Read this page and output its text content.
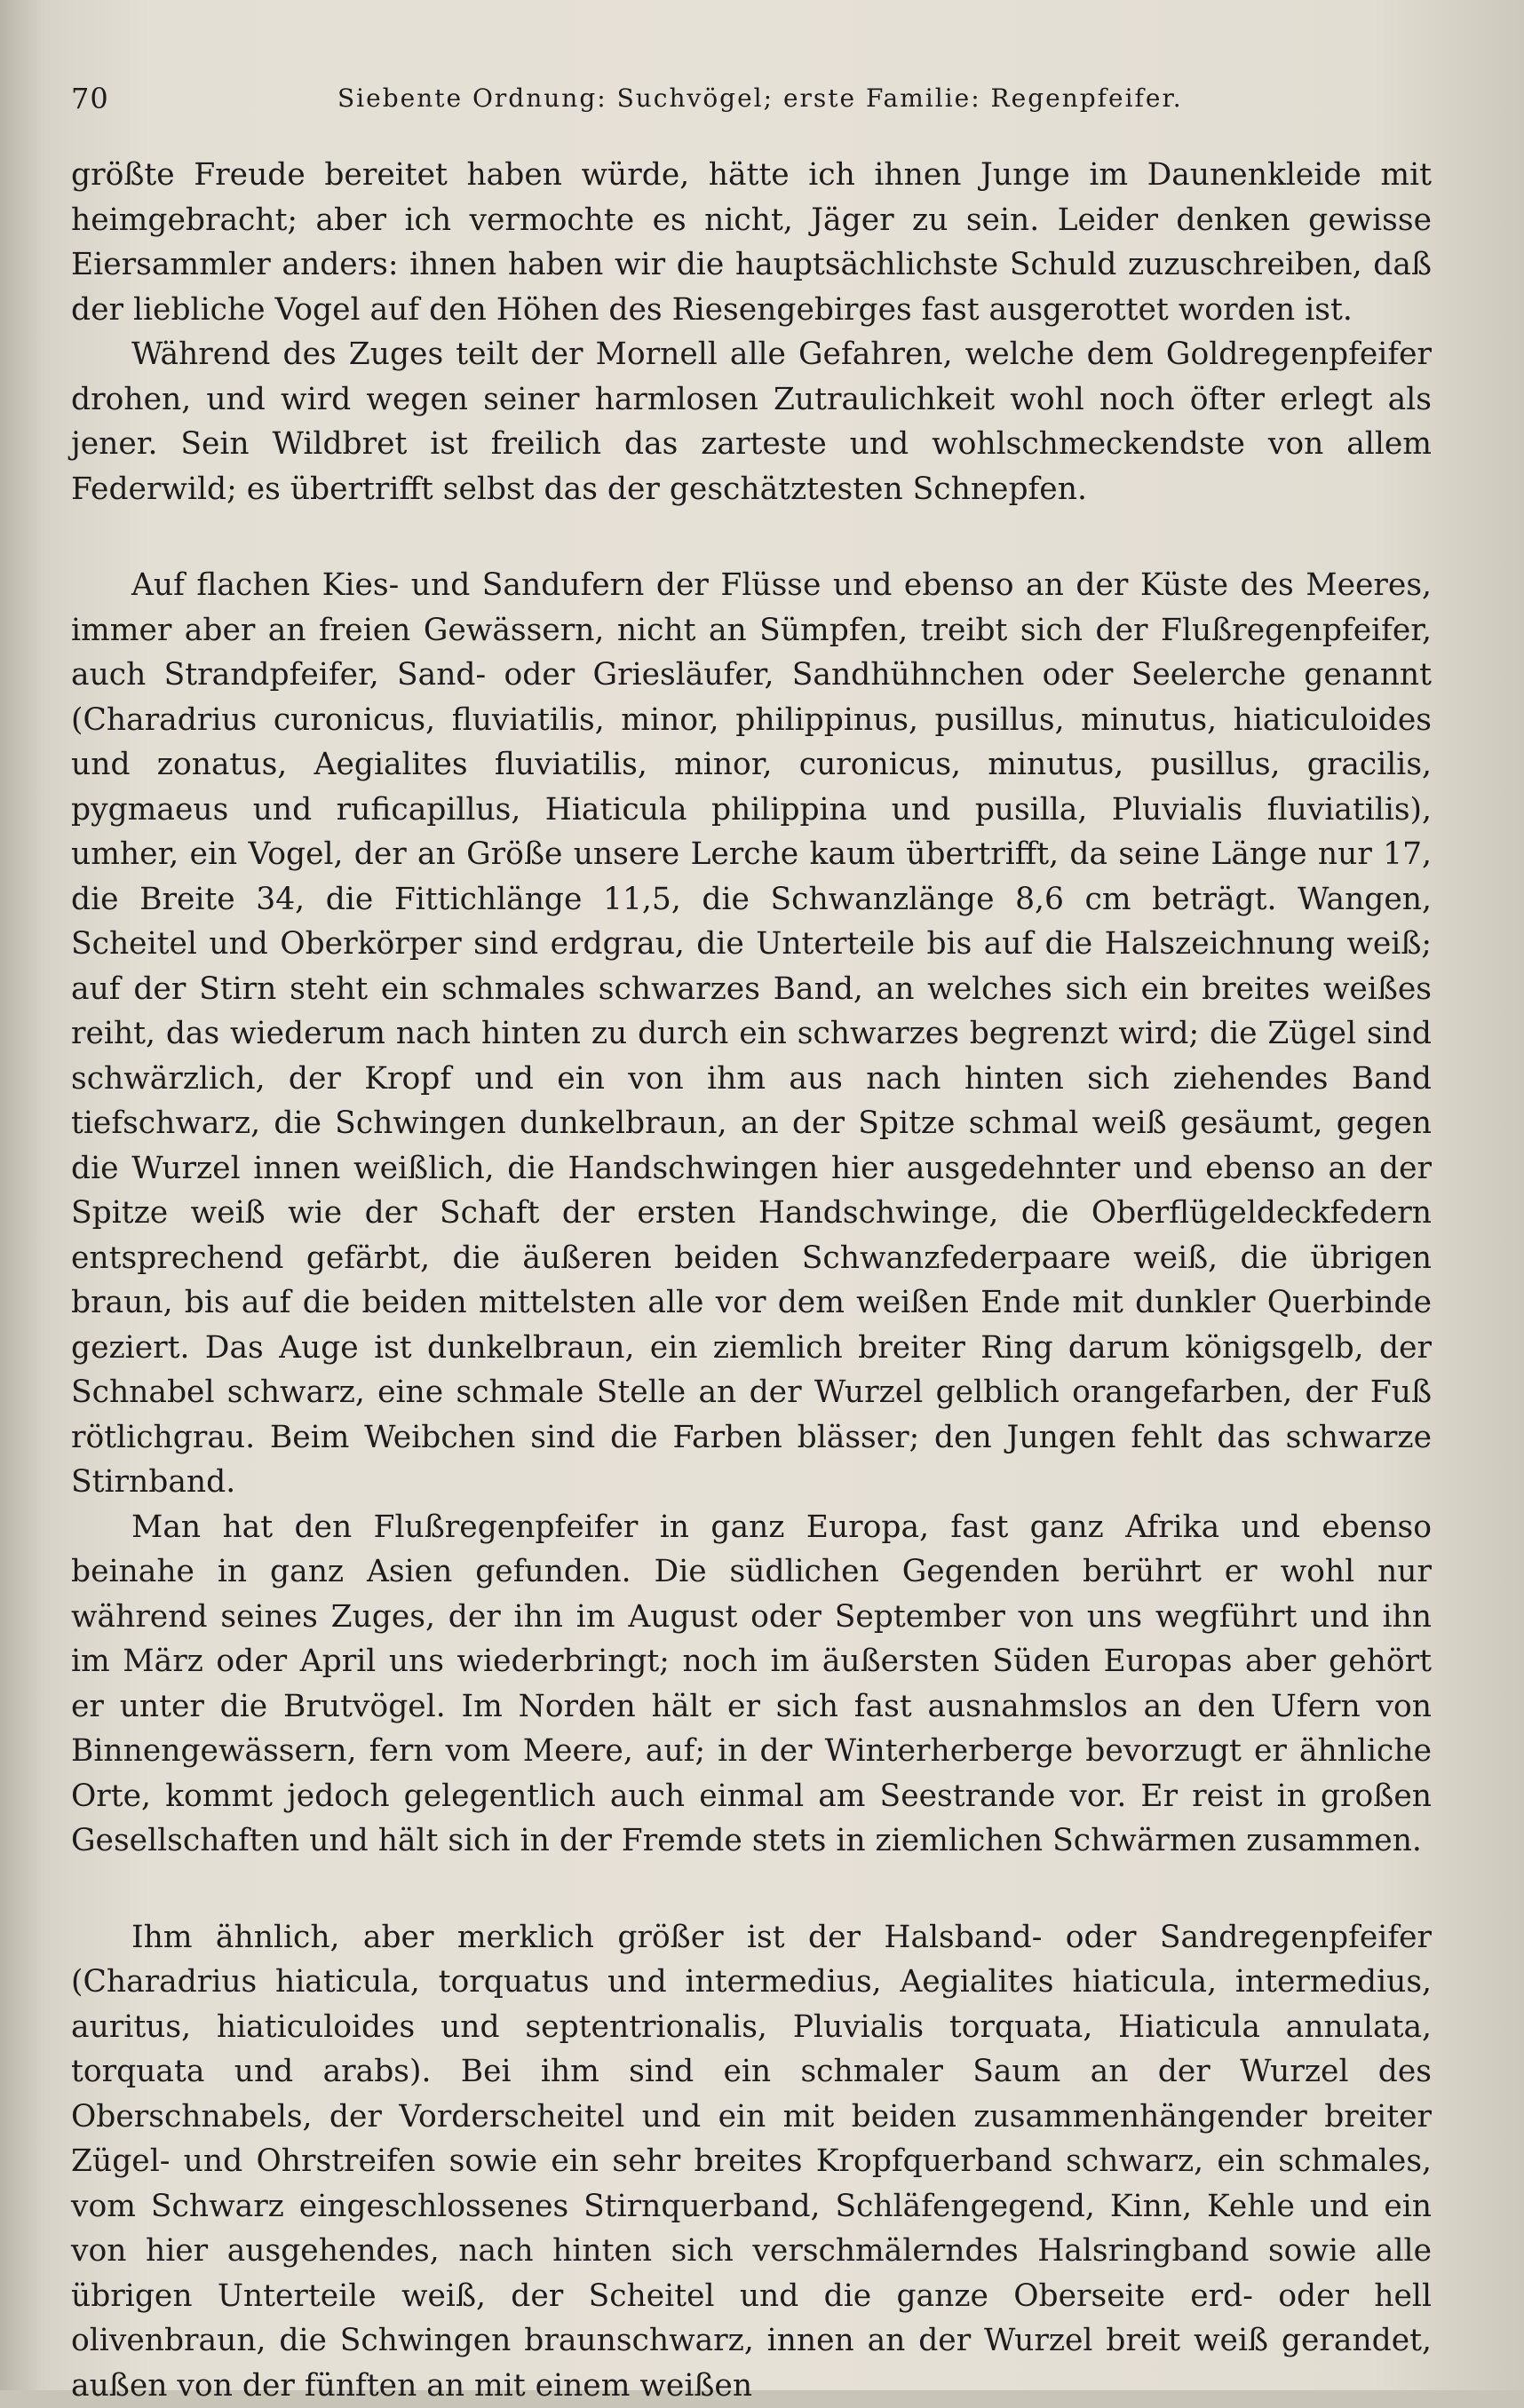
70	Siebente Ordnung: Suchvögel; erste Familie: Regenpfeifer.

größte Freude bereitet haben würde, hätte ich ihnen Junge im Daunenkleide mit heimgebracht; aber ich vermochte es nicht, Jäger zu sein. Leider denken gewisse Eiersammler anders: ihnen haben wir die hauptsächlichste Schuld zuzuschreiben, daß der liebliche Vogel auf den Höhen des Riesengebirges fast ausgerottet worden ist.

Während des Zuges teilt der Mornell alle Gefahren, welche dem Goldregenpfeifer drohen, und wird wegen seiner harmlosen Zutraulichkeit wohl noch öfter erlegt als jener. Sein Wildbret ist freilich das zarteste und wohlschmeckendste von allem Federwild; es übertrifft selbst das der geschätztesten Schnepfen.

Auf flachen Kies- und Sandufern der Flüsse und ebenso an der Küste des Meeres, immer aber an freien Gewässern, nicht an Sümpfen, treibt sich der Flußregenpfeifer, auch Strandpfeifer, Sand- oder Griesläufer, Sandhühnchen oder Seelerche genannt (Charadrius curonicus, fluviatilis, minor, philippinus, pusillus, minutus, hiaticuloides und zonatus, Aegialites fluviatilis, minor, curonicus, minutus, pusillus, gracilis, pygmaeus und ruficapillus, Hiaticula philippina und pusilla, Pluvialis fluviatilis), umher, ein Vogel, der an Größe unsere Lerche kaum übertrifft, da seine Länge nur 17, die Breite 34, die Fittichlänge 11,5, die Schwanzlänge 8,6 cm beträgt. Wangen, Scheitel und Oberkörper sind erdgrau, die Unterteile bis auf die Halszeichnung weiß; auf der Stirn steht ein schmales schwarzes Band, an welches sich ein breites weißes reiht, das wiederum nach hinten zu durch ein schwarzes begrenzt wird; die Zügel sind schwärzlich, der Kropf und ein von ihm aus nach hinten sich ziehendes Band tiefschwarz, die Schwingen dunkelbraun, an der Spitze schmal weiß gesäumt, gegen die Wurzel innen weißlich, die Handschwingen hier ausgedehnter und ebenso an der Spitze weiß wie der Schaft der ersten Handschwinge, die Oberflügeldeckfedern entsprechend gefärbt, die äußeren beiden Schwanzfederpaare weiß, die übrigen braun, bis auf die beiden mittelsten alle vor dem weißen Ende mit dunkler Querbinde geziert. Das Auge ist dunkelbraun, ein ziemlich breiter Ring darum königsgelb, der Schnabel schwarz, eine schmale Stelle an der Wurzel gelblich orangefarben, der Fuß rötlichgrau. Beim Weibchen sind die Farben blässer; den Jungen fehlt das schwarze Stirnband.

Man hat den Flußregenpfeifer in ganz Europa, fast ganz Afrika und ebenso beinahe in ganz Asien gefunden. Die südlichen Gegenden berührt er wohl nur während seines Zuges, der ihn im August oder September von uns wegführt und ihn im März oder April uns wiederbringt; noch im äußersten Süden Europas aber gehört er unter die Brutvögel. Im Norden hält er sich fast ausnahmslos an den Ufern von Binnengewässern, fern vom Meere, auf; in der Winterherberge bevorzugt er ähnliche Orte, kommt jedoch gelegentlich auch einmal am Seestrande vor. Er reist in großen Gesellschaften und hält sich in der Fremde stets in ziemlichen Schwärmen zusammen.

Ihm ähnlich, aber merklich größer ist der Halsband- oder Sandregenpfeifer (Charadrius hiaticula, torquatus und intermedius, Aegialites hiaticula, intermedius, auritus, hiaticuloides und septentrionalis, Pluvialis torquata, Hiaticula annulata, torquata und arabs). Bei ihm sind ein schmaler Saum an der Wurzel des Oberschnabels, der Vorderscheitel und ein mit beiden zusammenhängender breiter Zügel- und Ohrstreifen sowie ein sehr breites Kropfquerband schwarz, ein schmales, vom Schwarz eingeschlossenes Stirnquerband, Schläfengegend, Kinn, Kehle und ein von hier ausgehendes, nach hinten sich verschmälerndes Halsringband sowie alle übrigen Unterteile weiß, der Scheitel und die ganze Oberseite erd- oder hell olivenbraun, die Schwingen braunschwarz, innen an der Wurzel breit weiß gerandet, außen von der fünften an mit einem weißen
